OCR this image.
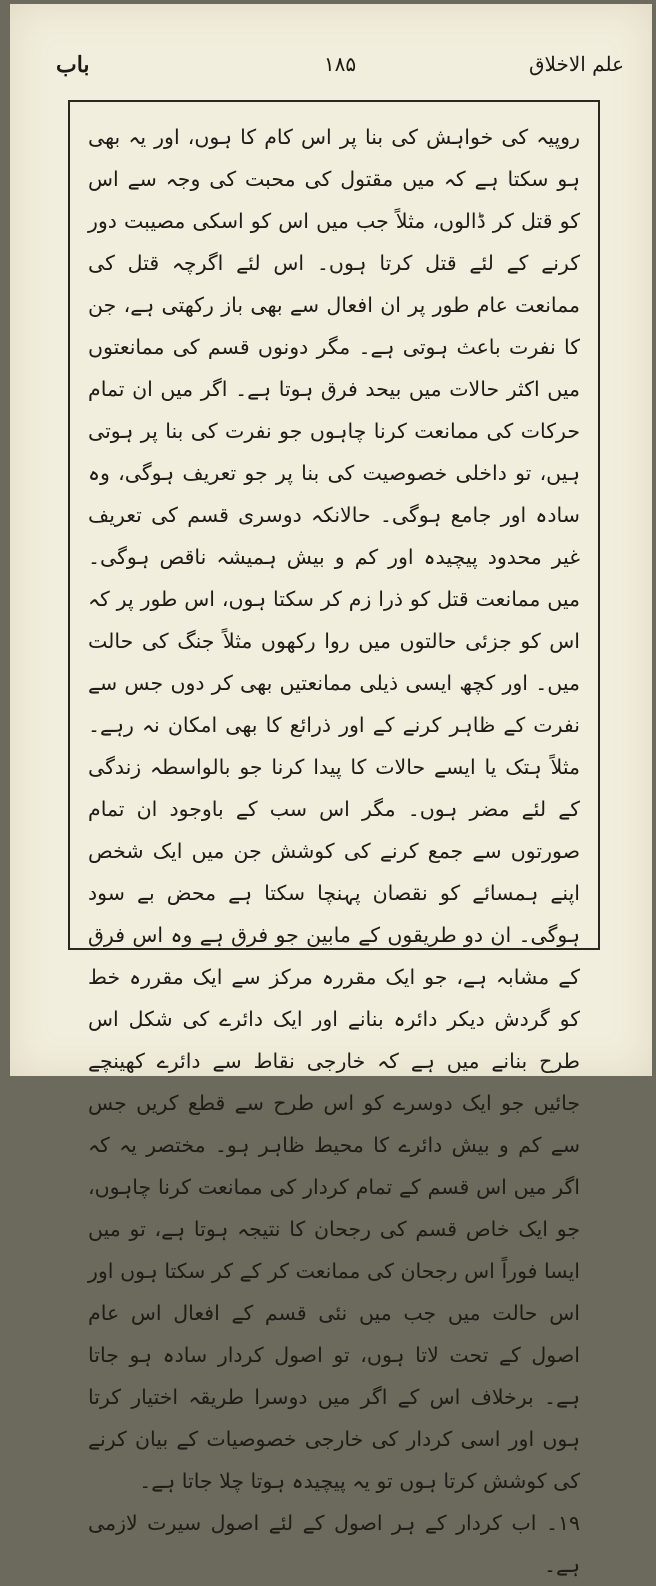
علم الاخلاق
۱۸۵
باب

روپیہ کی خواہش کی بنا پر اس کام کا ہوں، اور یہ بھی ہو سکتا ہے کہ میں مقتول کی محبت کی وجہ سے اس کو قتل کر ڈالوں، مثلاً جب میں اس کو اسکی مصیبت دور کرنے کے لئے قتل کرتا ہوں۔ اس لئے اگرچہ قتل کی ممانعت عام طور پر ان افعال سے بھی باز رکھتی ہے، جن کا نفرت باعث ہوتی ہے۔ مگر دونوں قسم کی ممانعتوں میں اکثر حالات میں بیحد فرق ہوتا ہے۔ اگر میں ان تمام حرکات کی ممانعت کرنا چاہوں جو نفرت کی بنا پر ہوتی ہیں، تو داخلی خصوصیت کی بنا پر جو تعریف ہوگی، وہ سادہ اور جامع ہوگی۔ حالانکہ دوسری قسم کی تعریف غیر محدود پیچیدہ اور کم و بیش ہمیشہ ناقص ہوگی۔ میں ممانعت قتل کو ذرا زم کر سکتا ہوں، اس طور پر کہ اس کو جزئی حالتوں میں روا رکھوں مثلاً جنگ کی حالت میں۔ اور کچھ ایسی ذیلی ممانعتیں بھی کر دوں جس سے نفرت کے ظاہر کرنے کے اور ذرائع کا بھی امکان نہ رہے۔ مثلاً ہتک یا ایسے حالات کا پیدا کرنا جو بالواسطہ زندگی کے لئے مضر ہوں۔ مگر اس سب کے باوجود ان تمام صورتوں سے جمع کرنے کی کوشش جن میں ایک شخص اپنے ہمسائے کو نقصان پہنچا سکتا ہے محض بے سود ہوگی۔ ان دو طریقوں کے مابین جو فرق ہے وہ اس فرق کے مشابہ ہے، جو ایک مقررہ مرکز سے ایک مقررہ خط کو گردش دیکر دائرہ بنانے اور ایک دائرے کی شکل اس طرح بنانے میں ہے کہ خارجی نقاط سے دائرے کھینچے جائیں جو ایک دوسرے کو اس طرح سے قطع کریں جس سے کم و بیش دائرے کا محیط ظاہر ہو۔ مختصر یہ کہ اگر میں اس قسم کے تمام کردار کی ممانعت کرنا چاہوں، جو ایک خاص قسم کی رجحان کا نتیجہ ہوتا ہے، تو میں ایسا فوراً اس رجحان کی ممانعت کر کے کر سکتا ہوں اور اس حالت میں جب میں نئی قسم کے افعال اس عام اصول کے تحت لاتا ہوں، تو اصول کردار سادہ ہو جاتا ہے۔ برخلاف اس کے اگر میں دوسرا طریقہ اختیار کرتا ہوں اور اسی کردار کی خارجی خصوصیات کے بیان کرنے کی کوشش کرتا ہوں تو یہ پیچیدہ ہوتا چلا جاتا ہے۔

۱۹۔ اب کردار کے ہر اصول کے لئے اصول سیرت لازمی ہے۔
